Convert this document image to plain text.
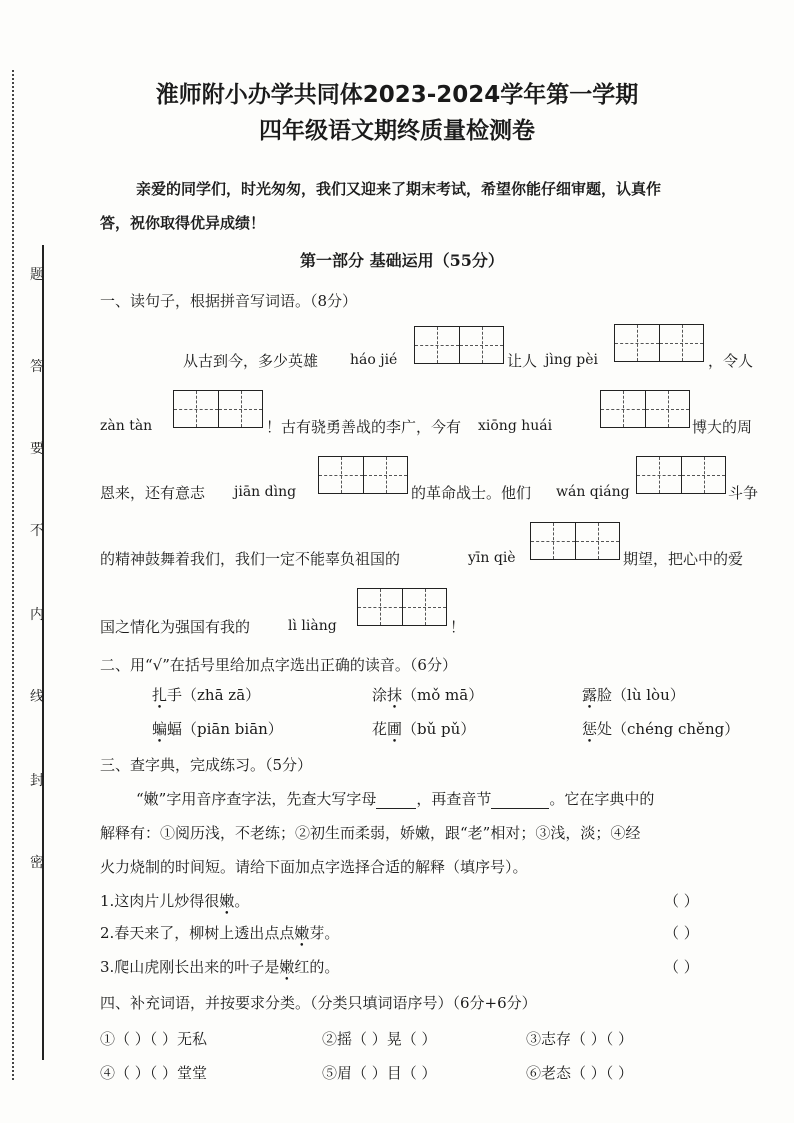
题
答
要
不
内
线
封
密
淮师附小办学共同体2023-2024学年第一学期
四年级语文期终质量检测卷
亲爱的同学们，时光匆匆，我们又迎来了期末考试，希望你能仔细审题，认真作
答，祝你取得优异成绩！
第一部分 基础运用（55分）
一、读句子，根据拼音写词语。（8分）
从古到今，多少英雄 háo jié	让人 jìng pèi	，令人
zàn tàn	！古有骁勇善战的李广，今有 xiōng huái	博大的周
恩来，还有意志 jiān dìng	的革命战士。他们 wán qiáng	斗争
的精神鼓舞着我们，我们一定不能辜负祖国的	yīn qiè	期望，把心中的爱
国之情化为强国有我的	lì liàng	！
二、用“√”在括号里给加点字选出正确的读音。（6分）
扎手（zhā zā）	涂抹（mǒ mā）	露脸（lù lòu）
蝙蝠（piān biān）	花圃（bǔ pǔ）	惩处（chéng chěng）
三、查字典，完成练习。（5分）
“嫩”字用音序查字法，先查大写字母	，再查音节	。它在字典中的
解释有：①阅历浅，不老练；②初生而柔弱，娇嫩，跟“老”相对；③浅，淡；④经
火力烧制的时间短。请给下面加点字选择合适的解释（填序号）。
1.这肉片儿炒得很嫩。	（ ）
2.春天来了，柳树上透出点点嫩芽。	（ ）
3.爬山虎刚长出来的叶子是嫩红的。	（ ）
四、补充词语，并按要求分类。（分类只填词语序号）（6分+6分）
①（ ）（ ）无私	②摇（ ）晃（ ）	③志存（ ）（ ）
④（ ）（ ）堂堂	⑤眉（ ）目（ ）	⑥老态（ ）（ ）
